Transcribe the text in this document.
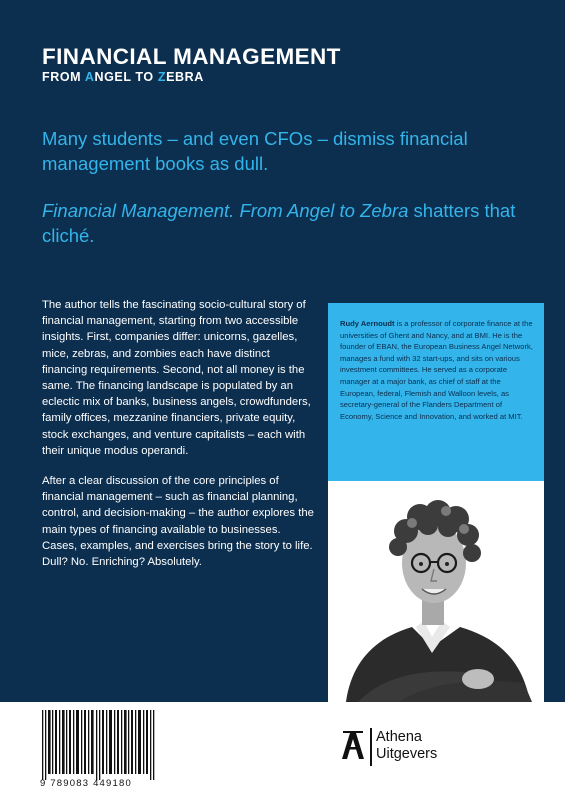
FINANCIAL MANAGEMENT
FROM ANGEL TO ZEBRA

Many students – and even CFOs – dismiss financial management books as dull.

Financial Management. From Angel to Zebra shatters that cliché.

The author tells the fascinating socio-cultural story of financial management, starting from two accessible insights. First, companies differ: unicorns, gazelles, mice, zebras, and zombies each have distinct financing requirements. Second, not all money is the same. The financing landscape is populated by an eclectic mix of banks, business angels, crowdfunders, family offices, mezzanine financiers, private equity, stock exchanges, and venture capitalists – each with their unique modus operandi.

After a clear discussion of the core principles of financial management – such as financial planning, control, and decision-making – the author explores the main types of financing available to businesses. Cases, examples, and exercises bring the story to life. Dull? No. Enriching? Absolutely.

Rudy Aernoudt is a professor of corporate finance at the universities of Ghent and Nancy, and at BMI. He is the founder of EBAN, the European Business Angel Network, manages a fund with 32 start-ups, and sits on various investment committees. He served as a corporate manager at a major bank, as chief of staff at the European, federal, Flemish and Walloon levels, as secretary-general of the Flanders Department of Economy, Science and Innovation, and worked at MIT.
9 789083 449180
Athena
Uitgevers
